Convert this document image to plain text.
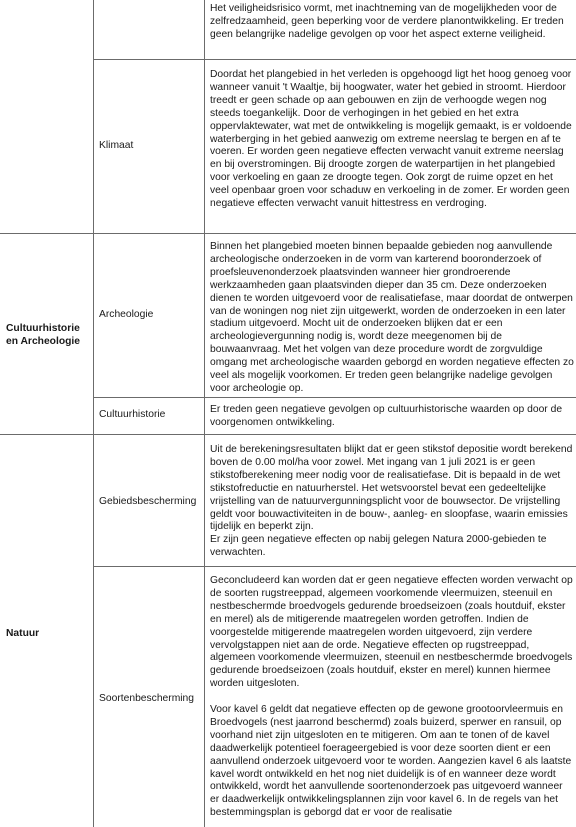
Het veiligheidsrisico vormt, met inachtneming van de mogelijkheden voor de zelfredzaamheid, geen beperking voor de verdere planontwikkeling. Er treden geen belangrijke nadelige gevolgen op voor het aspect externe veiligheid.

Klimaat

Doordat het plangebied in het verleden is opgehoogd ligt het hoog genoeg voor wanneer vanuit 't Waaltje, bij hoogwater, water het gebied in stroomt. Hierdoor treedt er geen schade op aan gebouwen en zijn de verhoogde wegen nog steeds toegankelijk. Door de verhogingen in het gebied en het extra oppervlaktewater, wat met de ontwikkeling is mogelijk gemaakt, is er voldoende waterberging in het gebied aanwezig om extreme neerslag te bergen en af te voeren. Er worden geen negatieve effecten verwacht vanuit extreme neerslag en bij overstromingen. Bij droogte zorgen de waterpartijen in het plangebied voor verkoeling en gaan ze droogte tegen. Ook zorgt de ruime opzet en het veel openbaar groen voor schaduw en verkoeling in de zomer. Er worden geen negatieve effecten verwacht vanuit hittestress en verdroging.

Cultuurhistorie en Archeologie
Archeologie

Binnen het plangebied moeten binnen bepaalde gebieden nog aanvullende archeologische onderzoeken in de vorm van karterend booronderzoek of proefsleuvenonderzoek plaatsvinden wanneer hier grondroerende werkzaamheden gaan plaatsvinden dieper dan 35 cm. Deze onderzoeken dienen te worden uitgevoerd voor de realisatiefase, maar doordat de ontwerpen van de woningen nog niet zijn uitgewerkt, worden de onderzoeken in een later stadium uitgevoerd. Mocht uit de onderzoeken blijken dat er een archeologievergunning nodig is, wordt deze meegenomen bij de bouwaanvraag. Met het volgen van deze procedure wordt de zorgvuldige omgang met archeologische waarden geborgd en worden negatieve effecten zo veel als mogelijk voorkomen. Er treden geen belangrijke nadelige gevolgen voor archeologie op.

Cultuurhistorie	Er treden geen negatieve gevolgen op cultuurhistorische waarden op door de voorgenomen ontwikkeling.

Natuur
Gebiedsbescherming

Uit de berekeningsresultaten blijkt dat er geen stikstof depositie wordt berekend boven de 0.00 mol/ha voor zowel. Met ingang van 1 juli 2021 is er geen stikstofberekening meer nodig voor de realisatiefase. Dit is bepaald in de wet stikstofreductie en natuurherstel. Het wetsvoorstel bevat een gedeeltelijke vrijstelling van de natuurvergunningsplicht voor de bouwsector. De vrijstelling geldt voor bouwactiviteiten in de bouw-, aanleg- en sloopfase, waarin emissies tijdelijk en beperkt zijn.

Er zijn geen negatieve effecten op nabij gelegen Natura 2000-gebieden te verwachten.

Soortenbescherming

Geconcludeerd kan worden dat er geen negatieve effecten worden verwacht op de soorten rugstreeppad, algemeen voorkomende vleermuizen, steenuil en nestbeschermde broedvogels gedurende broedseizoen (zoals houtduif, ekster en merel) als de mitigerende maatregelen worden getroffen. Indien de voorgestelde mitigerende maatregelen worden uitgevoerd, zijn verdere vervolgstappen niet aan de orde. Negatieve effecten op rugstreeppad, algemeen voorkomende vleermuizen, steenuil en nestbeschermde broedvogels gedurende broedseizoen (zoals houtduif, ekster en merel) kunnen hiermee worden uitgesloten.

Voor kavel 6 geldt dat negatieve effecten op de gewone grootoorvleermuis en Broedvogels (nest jaarrond beschermd) zoals buizerd, sperwer en ransuil, op voorhand niet zijn uitgesloten en te mitigeren. Om aan te tonen of de kavel daadwerkelijk potentieel foerageergebied is voor deze soorten dient er een aanvullend onderzoek uitgevoerd voor te worden. Aangezien kavel 6 als laatste kavel wordt ontwikkeld en het nog niet duidelijk is of en wanneer deze wordt ontwikkeld, wordt het aanvullende soortenonderzoek pas uitgevoerd wanneer er daadwerkelijk ontwikkelingsplannen zijn voor kavel 6. In de regels van het bestemmingsplan is geborgd dat er voor de realisatie
